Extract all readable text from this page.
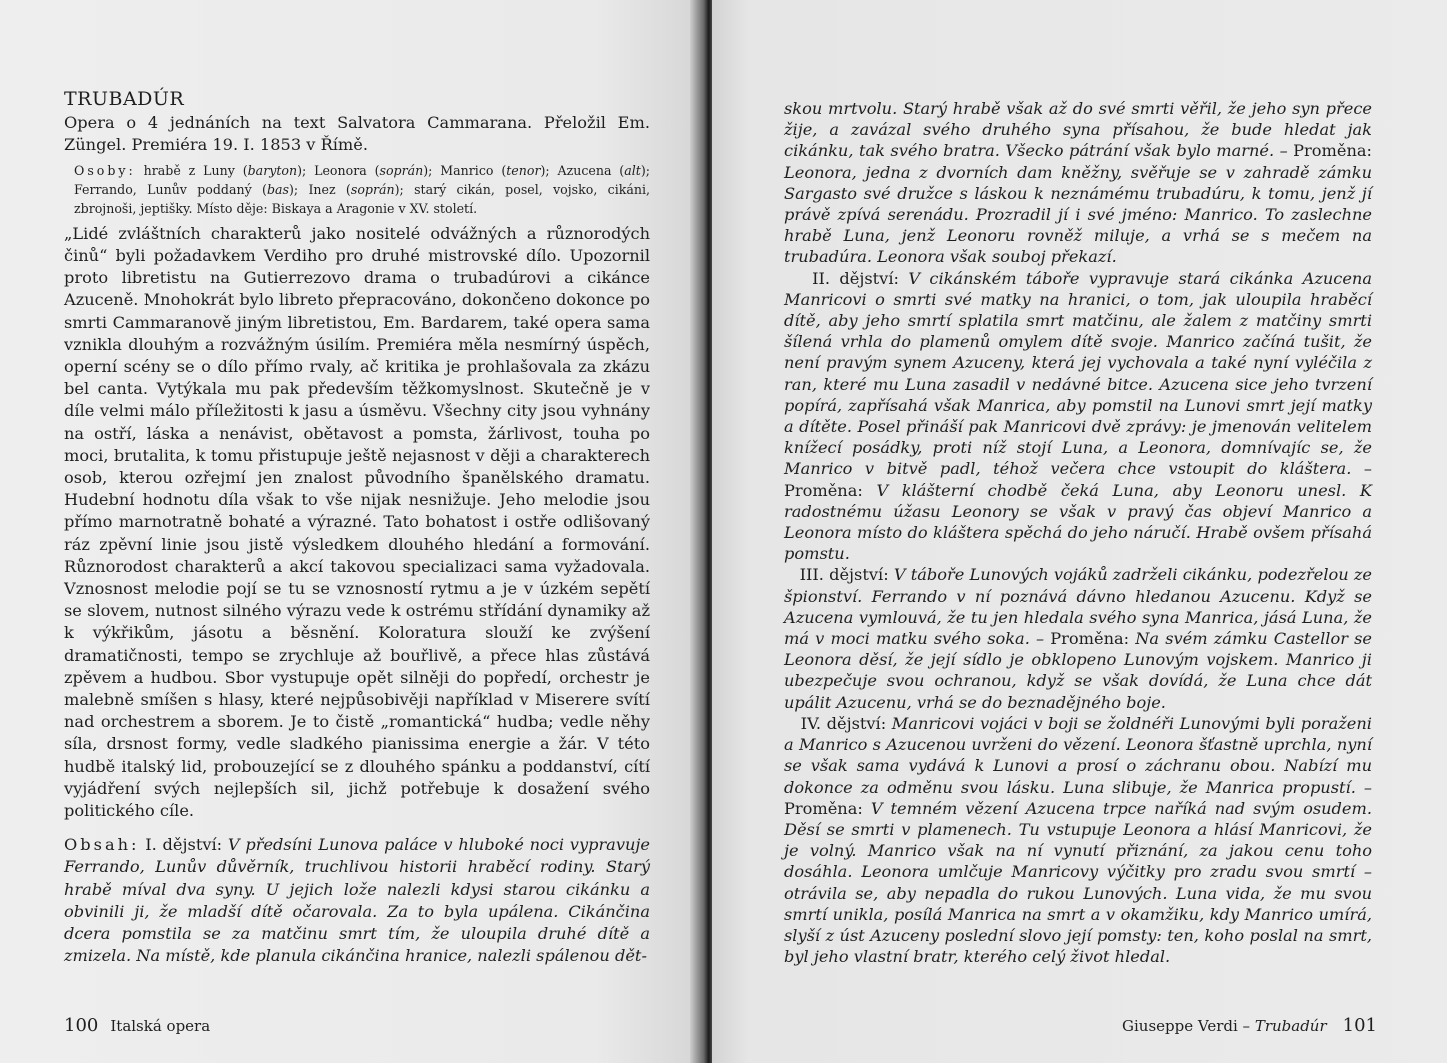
TRUBADÚR

Opera o 4 jednáních na text Salvatora Cammarana. Přeložil Em. Züngel. Premiéra 19. I. 1853 v Římě.

Osoby: hrabě z Luny (baryton); Leonora (soprán); Manrico (tenor); Azucena (alt); Ferrando, Lunův poddaný (bas); Inez (soprán); starý cikán, posel, vojsko, cikáni, zbrojnoši, jeptišky. Místo děje: Biskaya a Aragonie v XV. století.

„Lidé zvláštních charakterů jako nositelé odvážných a různorodých činů“ byli požadavkem Verdiho pro druhé mistrovské dílo. Upozornil proto libretistu na Gutierrezovo drama o trubadúrovi a cikánce Azuceně. Mnohokrát bylo libreto přepracováno, dokončeno dokonce po smrti Cammaranově jiným libretistou, Em. Bardarem, také opera sama vznikla dlouhým a rozvážným úsilím. Premiéra měla nesmírný úspěch, operní scény se o dílo přímo rvaly, ač kritika je prohlašovala za zkázu bel canta. Vytýkala mu pak především těžkomyslnost. Skutečně je v díle velmi málo příležitosti k jasu a úsměvu. Všechny city jsou vyhnány na ostří, láska a nenávist, obětavost a pomsta, žárlivost, touha po moci, brutalita, k tomu přistupuje ještě nejasnost v ději a charakterech osob, kterou ozřejmí jen znalost původního španělského dramatu. Hudební hodnotu díla však to vše nijak nesnižuje. Jeho melodie jsou přímo marnotratně bohaté a výrazné. Tato bohatost i ostře odlišovaný ráz zpěvní linie jsou jistě výsledkem dlouhého hledání a formování. Různorodost charakterů a akcí takovou specializaci sama vyžadovala. Vznosnost melodie pojí se tu se vznosností rytmu a je v úzkém sepětí se slovem, nutnost silného výrazu vede k ostrému střídání dynamiky až k výkřikům, jásotu a běsnění. Koloratura slouží ke zvýšení dramatičnosti, tempo se zrychluje až bouřlivě, a přece hlas zůstává zpěvem a hudbou. Sbor vystupuje opět silněji do popředí, orchestr je malebně smíšen s hlasy, které nejpůsobivěji například v Miserere svítí nad orchestrem a sborem. Je to čistě „romantická“ hudba; vedle něhy síla, drsnost formy, vedle sladkého pianissima energie a žár. V této hudbě italský lid, probouzející se z dlouhého spánku a poddanství, cítí vyjádření svých nejlepších sil, jichž potřebuje k dosažení svého politického cíle.

Obsah: I. dějství: V předsíni Lunova paláce v hluboké noci vypravuje Ferrando, Lunův důvěrník, truchlivou historii hraběcí rodiny. Starý hrabě míval dva syny. U jejich lože nalezli kdysi starou cikánku a obvinili ji, že mladší dítě očarovala. Za to byla upálena. Cikánčina dcera pomstila se za matčinu smrt tím, že uloupila druhé dítě a zmizela. Na místě, kde planula cikánčina hranice, nalezli spálenou dět-

100 Italská opera

skou mrtvolu. Starý hrabě však až do své smrti věřil, že jeho syn přece žije, a zavázal svého druhého syna přísahou, že bude hledat jak cikánku, tak svého bratra. Všecko pátrání však bylo marné. – Proměna: Leonora, jedna z dvorních dam kněžny, svěřuje se v zahradě zámku Sargasto své družce s láskou k neznámému trubadúru, k tomu, jenž jí právě zpívá serenádu. Prozradil jí i své jméno: Manrico. To zaslechne hrabě Luna, jenž Leonoru rovněž miluje, a vrhá se s mečem na trubadúra. Leonora však souboj překazí.

II. dějství: V cikánském táboře vypravuje stará cikánka Azucena Manricovi o smrti své matky na hranici, o tom, jak uloupila hraběcí dítě, aby jeho smrtí splatila smrt matčinu, ale žalem z matčiny smrti šílená vrhla do plamenů omylem dítě svoje. Manrico začíná tušit, že není pravým synem Azuceny, která jej vychovala a také nyní vyléčila z ran, které mu Luna zasadil v nedávné bitce. Azucena sice jeho tvrzení popírá, zapřísahá však Manrica, aby pomstil na Lunovi smrt její matky a dítěte. Posel přináší pak Manricovi dvě zprávy: je jmenován velitelem knížecí posádky, proti níž stojí Luna, a Leonora, domnívajíc se, že Manrico v bitvě padl, téhož večera chce vstoupit do kláštera. – Proměna: V klášterní chodbě čeká Luna, aby Leonoru unesl. K radostnému úžasu Leonory se však v pravý čas objeví Manrico a Leonora místo do kláštera spěchá do jeho náručí. Hrabě ovšem přísahá pomstu.

III. dějství: V táboře Lunových vojáků zadrželi cikánku, podezřelou ze špionství. Ferrando v ní poznává dávno hledanou Azucenu. Když se Azucena vymlouvá, že tu jen hledala svého syna Manrica, jásá Luna, že má v moci matku svého soka. – Proměna: Na svém zámku Castellor se Leonora děsí, že její sídlo je obklopeno Lunovým vojskem. Manrico ji ubezpečuje svou ochranou, když se však dovídá, že Luna chce dát upálit Azucenu, vrhá se do beznadějného boje.

IV. dějství: Manricovi vojáci v boji se žoldnéři Lunovými byli poraženi a Manrico s Azucenou uvrženi do vězení. Leonora šťastně uprchla, nyní se však sama vydává k Lunovi a prosí o záchranu obou. Nabízí mu dokonce za odměnu svou lásku. Luna slibuje, že Manrica propustí. – Proměna: V temném vězení Azucena trpce naříká nad svým osudem. Děsí se smrti v plamenech. Tu vstupuje Leonora a hlásí Manricovi, že je volný. Manrico však na ní vynutí přiznání, za jakou cenu toho dosáhla. Leonora umlčuje Manricovy výčitky pro zradu svou smrtí – otrávila se, aby nepadla do rukou Lunových. Luna vida, že mu svou smrtí unikla, posílá Manrica na smrt a v okamžiku, kdy Manrico umírá, slyší z úst Azuceny poslední slovo její pomsty: ten, koho poslal na smrt, byl jeho vlastní bratr, kterého celý život hledal.

Giuseppe Verdi – Trubadúr 101
